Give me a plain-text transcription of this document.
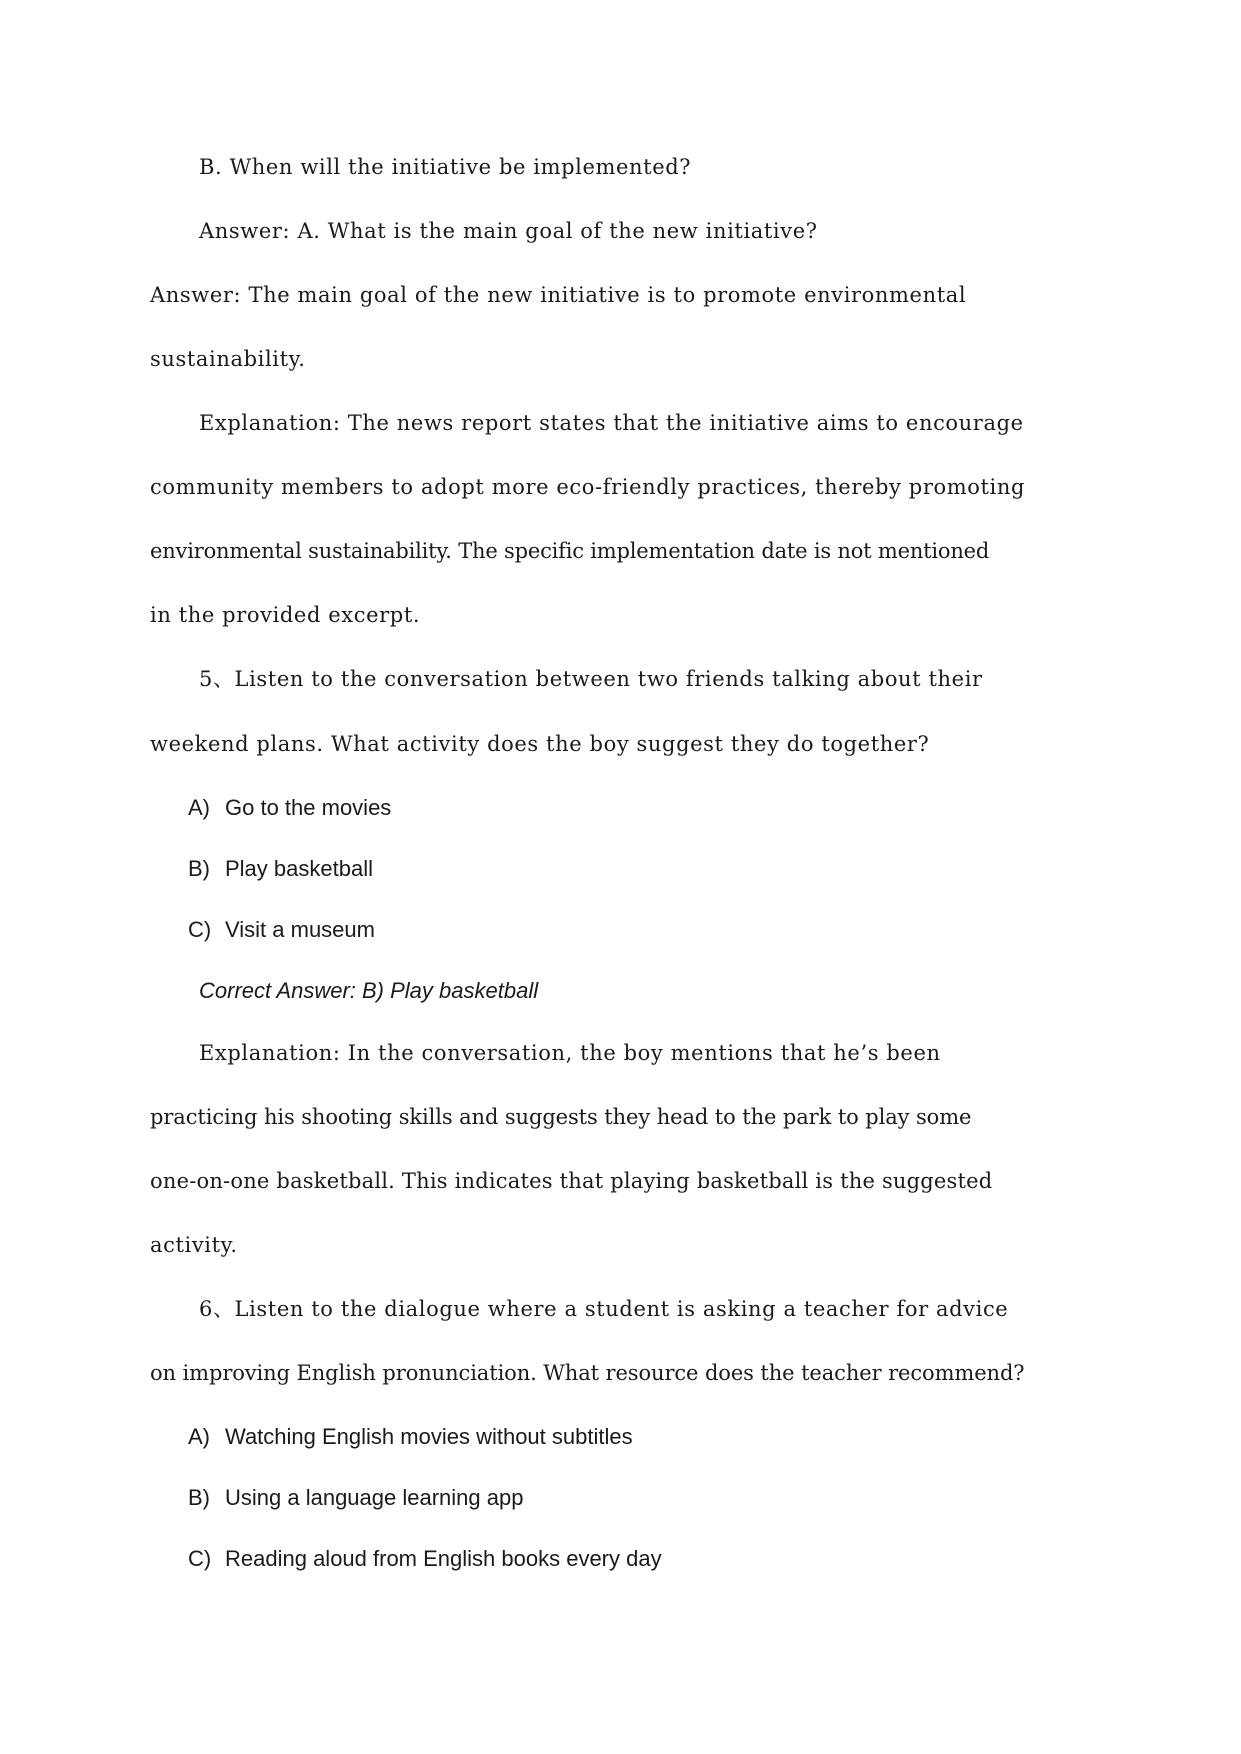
B. When will the initiative be implemented?
Answer: A. What is the main goal of the new initiative?
Answer: The main goal of the new initiative is to promote environmental
sustainability.
Explanation: The news report states that the initiative aims to encourage
community members to adopt more eco-friendly practices, thereby promoting
environmental sustainability. The specific implementation date is not mentioned
in the provided excerpt.
5、Listen to the conversation between two friends talking about their
weekend plans. What activity does the boy suggest they do together?
A) Go to the movies
B) Play basketball
C) Visit a museum
Correct Answer: B) Play basketball
Explanation: In the conversation, the boy mentions that he’s been
practicing his shooting skills and suggests they head to the park to play some
one-on-one basketball. This indicates that playing basketball is the suggested
activity.
6、Listen to the dialogue where a student is asking a teacher for advice
on improving English pronunciation. What resource does the teacher recommend?
A) Watching English movies without subtitles
B) Using a language learning app
C) Reading aloud from English books every day
